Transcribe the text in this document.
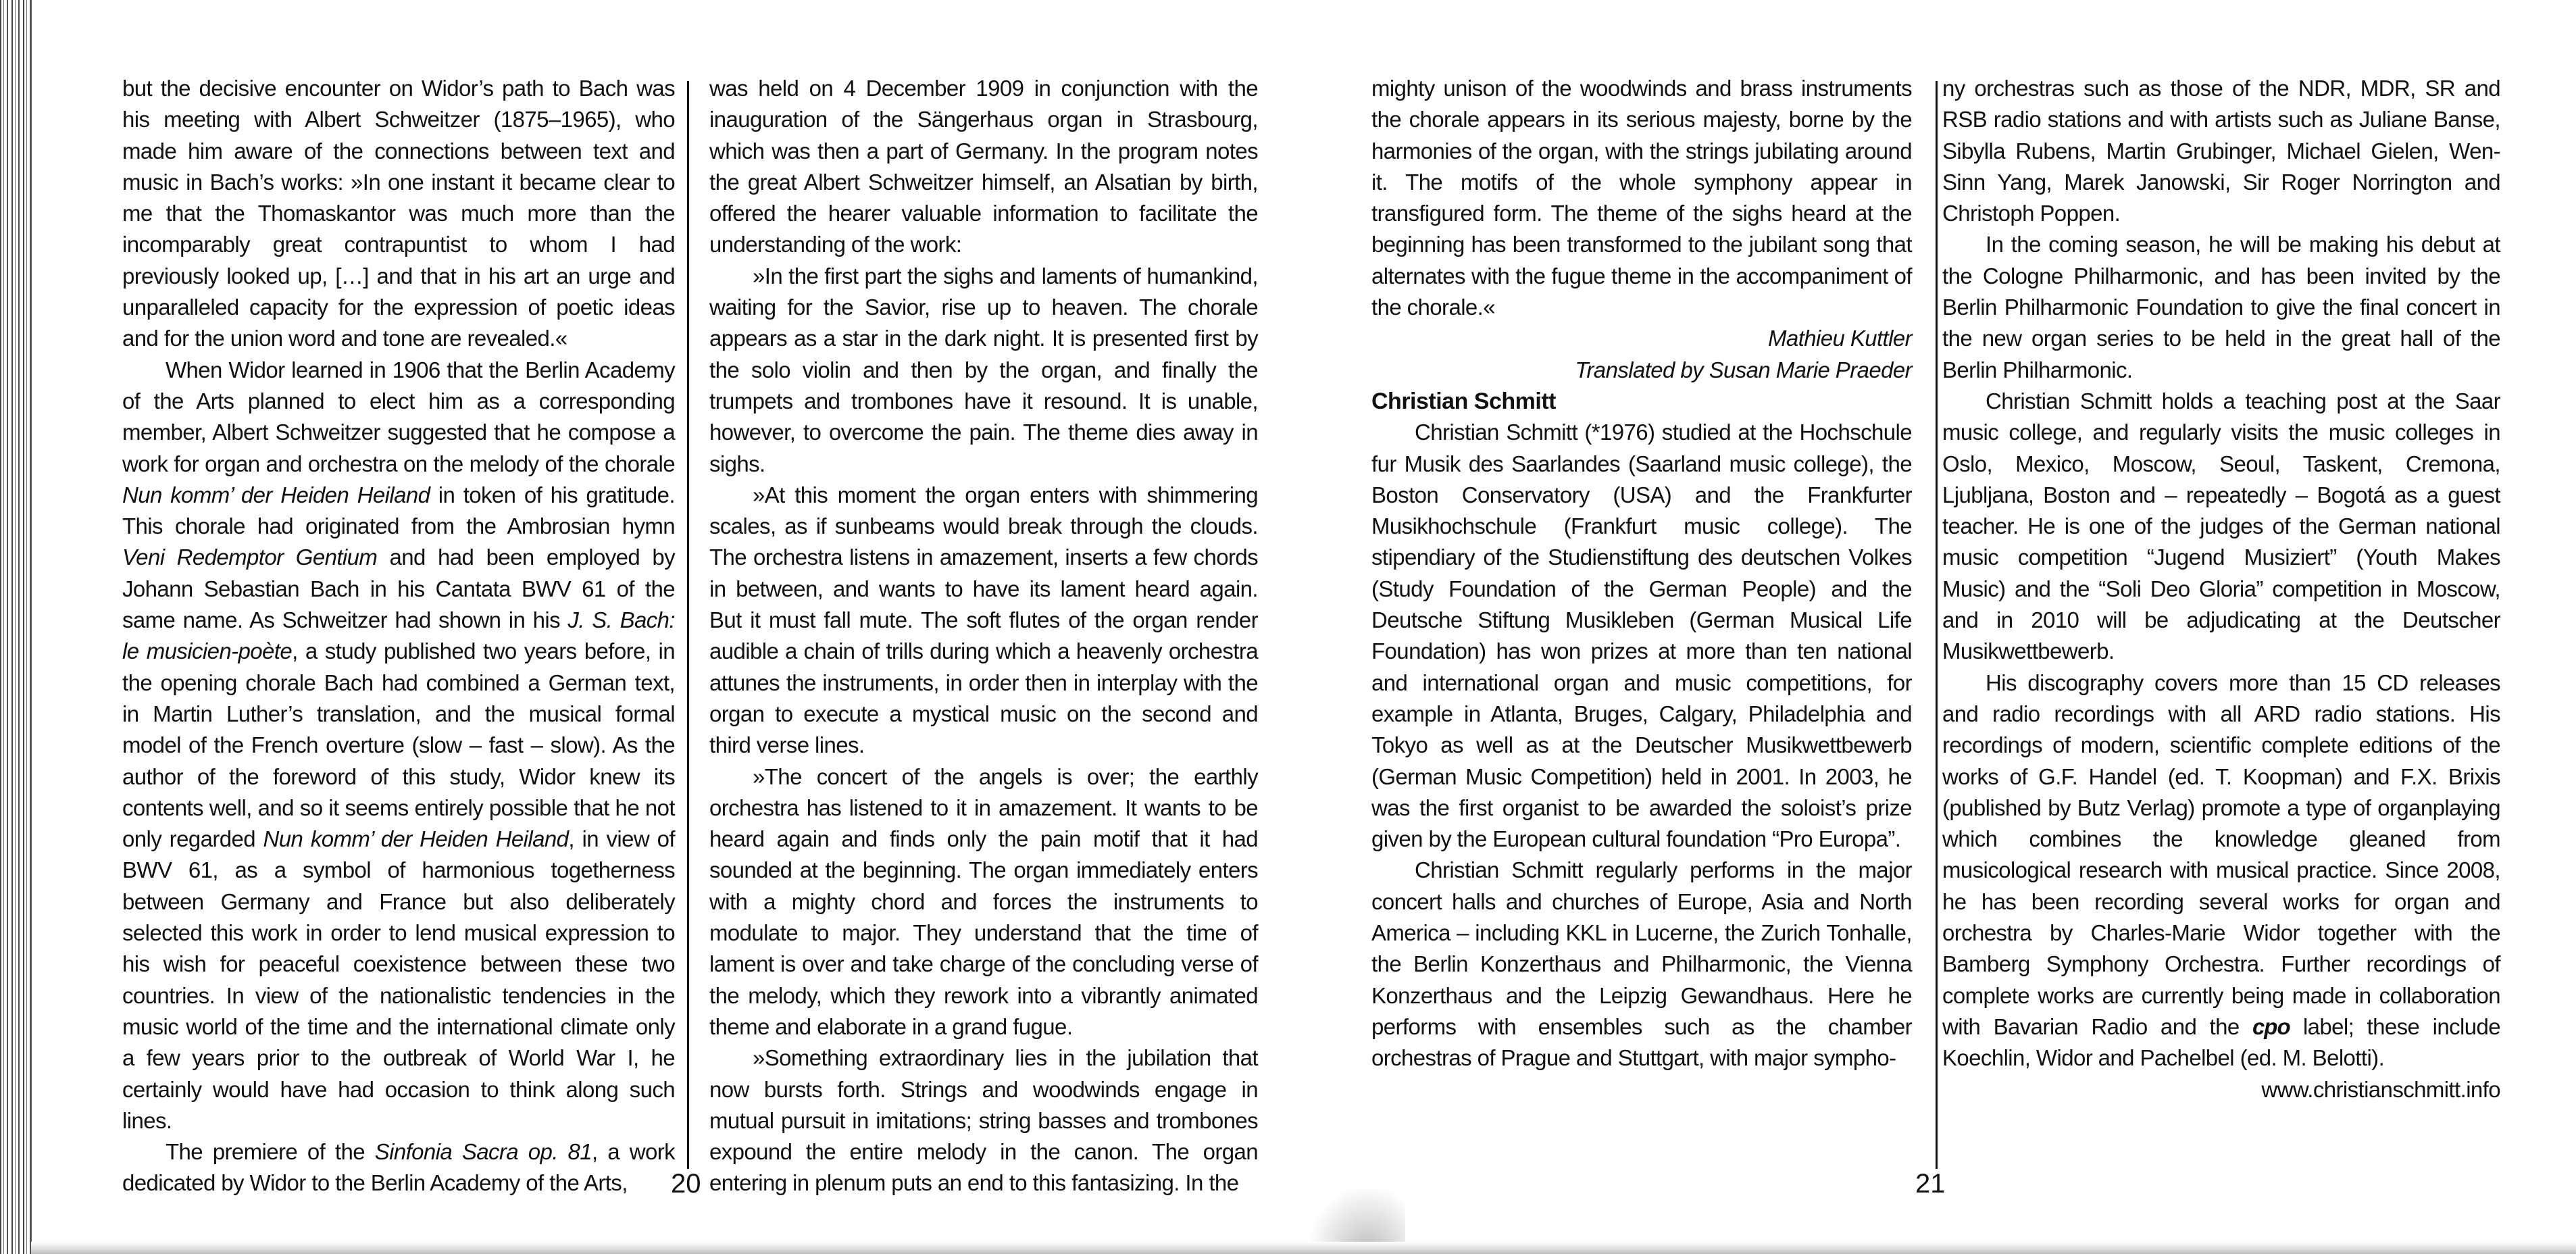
but the decisive encounter on Widor’s path to Bach was his meeting with Albert Schweitzer (1875–1965), who made him aware of the connections between text and music in Bach’s works: »In one instant it became clear to me that the Thomaskantor was much more than the incomparably great contrapuntist to whom I had previously looked up, […] and that in his art an urge and unparalleled capacity for the expression of poetic ideas and for the union word and tone are revealed.«

When Widor learned in 1906 that the Berlin Academy of the Arts planned to elect him as a corresponding member, Albert Schweitzer suggested that he compose a work for organ and orchestra on the melody of the chorale Nun komm’ der Heiden Heiland in token of his gratitude. This chorale had originated from the Ambrosian hymn Veni Redemptor Gentium and had been employed by Johann Sebastian Bach in his Cantata BWV 61 of the same name. As Schweitzer had shown in his J. S. Bach: le musicien-poète, a study published two years before, in the opening chorale Bach had combined a German text, in Martin Luther’s translation, and the musical formal model of the French overture (slow – fast – slow). As the author of the foreword of this study, Widor knew its contents well, and so it seems entirely possible that he not only regarded Nun komm’ der Heiden Heiland, in view of BWV 61, as a symbol of harmonious togetherness between Germany and France but also deliberately selected this work in order to lend musical expression to his wish for peaceful coexistence between these two countries. In view of the nationalistic tendencies in the music world of the time and the international climate only a few years prior to the outbreak of World War I, he certainly would have had occasion to think along such lines.

The premiere of the Sinfonia Sacra op. 81, a work dedicated by Widor to the Berlin Academy of the Arts,

was held on 4 December 1909 in conjunction with the inauguration of the Sängerhaus organ in Strasbourg, which was then a part of Germany. In the program notes the great Albert Schweitzer himself, an Alsatian by birth, offered the hearer valuable information to facilitate the understanding of the work:

»In the first part the sighs and laments of humankind, waiting for the Savior, rise up to heaven. The chorale appears as a star in the dark night. It is presented first by the solo violin and then by the organ, and finally the trumpets and trombones have it resound. It is unable, however, to overcome the pain. The theme dies away in sighs.

»At this moment the organ enters with shimmering scales, as if sunbeams would break through the clouds. The orchestra listens in amazement, inserts a few chords in between, and wants to have its lament heard again. But it must fall mute. The soft flutes of the organ render audible a chain of trills during which a heavenly orchestra attunes the instruments, in order then in interplay with the organ to execute a mystical music on the second and third verse lines.

»The concert of the angels is over; the earthly orchestra has listened to it in amazement. It wants to be heard again and finds only the pain motif that it had sounded at the beginning. The organ immediately enters with a mighty chord and forces the instruments to modulate to major. They understand that the time of lament is over and take charge of the concluding verse of the melody, which they rework into a vibrantly animated theme and elaborate in a grand fugue.

»Something extraordinary lies in the jubilation that now bursts forth. Strings and woodwinds engage in mutual pursuit in imitations; string basses and trombones expound the entire melody in the canon. The organ entering in plenum puts an end to this fantasizing. In the

20

mighty unison of the woodwinds and brass instruments the chorale appears in its serious majesty, borne by the harmonies of the organ, with the strings jubilating around it. The motifs of the whole symphony appear in transfigured form. The theme of the sighs heard at the beginning has been transformed to the jubilant song that alternates with the fugue theme in the accompaniment of the chorale.«

Mathieu Kuttler

Translated by Susan Marie Praeder

Christian Schmitt

Christian Schmitt (*1976) studied at the Hochschule fur Musik des Saarlandes (Saarland music college), the Boston Conservatory (USA) and the Frankfurter Musikhochschule (Frankfurt music college). The stipendiary of the Studienstiftung des deutschen Volkes (Study Foundation of the German People) and the Deutsche Stiftung Musikleben (German Musical Life Foundation) has won prizes at more than ten national and international organ and music competitions, for example in Atlanta, Bruges, Calgary, Philadelphia and Tokyo as well as at the Deutscher Musikwettbewerb (German Music Competition) held in 2001. In 2003, he was the first organist to be awarded the soloist’s prize given by the European cultural foundation “Pro Europa”.

Christian Schmitt regularly performs in the major concert halls and churches of Europe, Asia and North America – including KKL in Lucerne, the Zurich Tonhalle, the Berlin Konzerthaus and Philharmonic, the Vienna Konzerthaus and the Leipzig Gewandhaus. Here he performs with ensembles such as the chamber orchestras of Prague and Stuttgart, with major sympho-

ny orchestras such as those of the NDR, MDR, SR and RSB radio stations and with artists such as Juliane Banse, Sibylla Rubens, Martin Grubinger, Michael Gielen, Wen-Sinn Yang, Marek Janowski, Sir Roger Norrington and Christoph Poppen.

In the coming season, he will be making his debut at the Cologne Philharmonic, and has been invited by the Berlin Philharmonic Foundation to give the final concert in the new organ series to be held in the great hall of the Berlin Philharmonic.

Christian Schmitt holds a teaching post at the Saar music college, and regularly visits the music colleges in Oslo, Mexico, Moscow, Seoul, Taskent, Cremona, Ljubljana, Boston and – repeatedly – Bogotá as a guest teacher. He is one of the judges of the German national music competition “Jugend Musiziert” (Youth Makes Music) and the “Soli Deo Gloria” competition in Moscow, and in 2010 will be adjudicating at the Deutscher Musikwettbewerb.

His discography covers more than 15 CD releases and radio recordings with all ARD radio stations. His recordings of modern, scientific complete editions of the works of G.F. Handel (ed. T. Koopman) and F.X. Brixis (published by Butz Verlag) promote a type of organplaying which combines the knowledge gleaned from musicological research with musical practice. Since 2008, he has been recording several works for organ and orchestra by Charles-Marie Widor together with the Bamberg Symphony Orchestra. Further recordings of complete works are currently being made in collaboration with Bavarian Radio and the cpo label; these include Koechlin, Widor and Pachelbel (ed. M. Belotti).

www.christianschmitt.info

21
